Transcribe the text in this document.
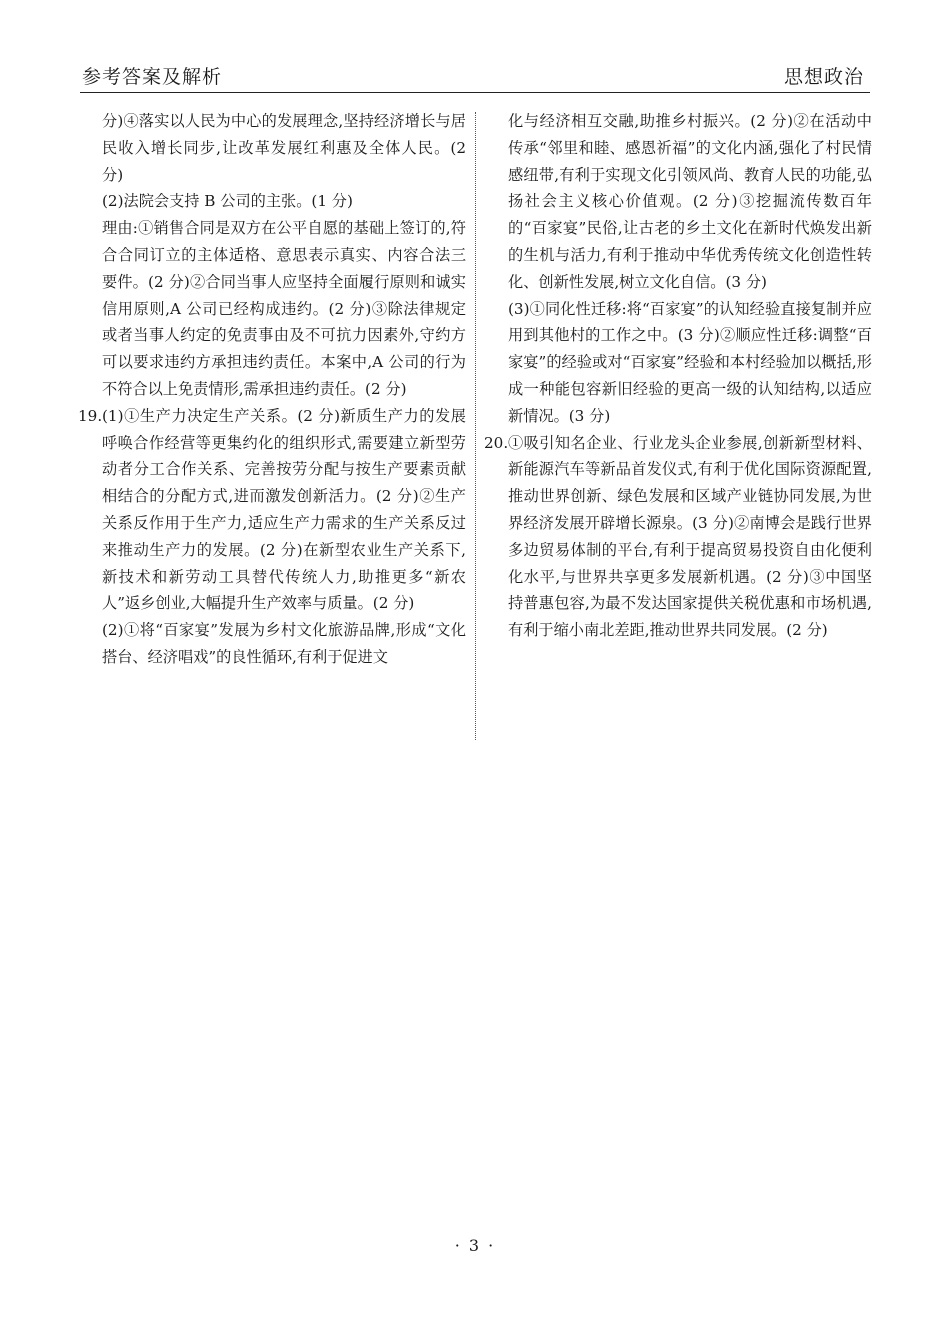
参考答案及解析	思想政治

分)④落实以人民为中心的发展理念,坚持经济增长与居民收入增长同步,让改革发展红利惠及全体人民。(2 分)

(2)法院会支持 B 公司的主张。(1 分)

理由:①销售合同是双方在公平自愿的基础上签订的,符合合同订立的主体适格、意思表示真实、内容合法三要件。(2 分)②合同当事人应坚持全面履行原则和诚实信用原则,A 公司已经构成违约。(2 分)③除法律规定或者当事人约定的免责事由及不可抗力因素外,守约方可以要求违约方承担违约责任。本案中,A 公司的行为不符合以上免责情形,需承担违约责任。(2 分)

19. (1)①生产力决定生产关系。(2 分)新质生产力的发展呼唤合作经营等更集约化的组织形式,需要建立新型劳动者分工合作关系、完善按劳分配与按生产要素贡献相结合的分配方式,进而激发创新活力。(2 分)②生产关系反作用于生产力,适应生产力需求的生产关系反过来推动生产力的发展。(2 分)在新型农业生产关系下,新技术和新劳动工具替代传统人力,助推更多“新农人”返乡创业,大幅提升生产效率与质量。(2 分)

(2)①将“百家宴”发展为乡村文化旅游品牌,形成“文化搭台、经济唱戏”的良性循环,有利于促进文

化与经济相互交融,助推乡村振兴。(2 分)②在活动中传承“邻里和睦、感恩祈福”的文化内涵,强化了村民情感纽带,有利于实现文化引领风尚、教育人民的功能,弘扬社会主义核心价值观。(2 分)③挖掘流传数百年的“百家宴”民俗,让古老的乡土文化在新时代焕发出新的生机与活力,有利于推动中华优秀传统文化创造性转化、创新性发展,树立文化自信。(3 分)

(3)①同化性迁移:将“百家宴”的认知经验直接复制并应用到其他村的工作之中。(3 分)②顺应性迁移:调整“百家宴”的经验或对“百家宴”经验和本村经验加以概括,形成一种能包容新旧经验的更高一级的认知结构,以适应新情况。(3 分)

20. ①吸引知名企业、行业龙头企业参展,创新新型材料、新能源汽车等新品首发仪式,有利于优化国际资源配置,推动世界创新、绿色发展和区域产业链协同发展,为世界经济发展开辟增长源泉。(3 分)②南博会是践行世界多边贸易体制的平台,有利于提高贸易投资自由化便利化水平,与世界共享更多发展新机遇。(2 分)③中国坚持普惠包容,为最不发达国家提供关税优惠和市场机遇,有利于缩小南北差距,推动世界共同发展。(2 分)

· 3 ·
